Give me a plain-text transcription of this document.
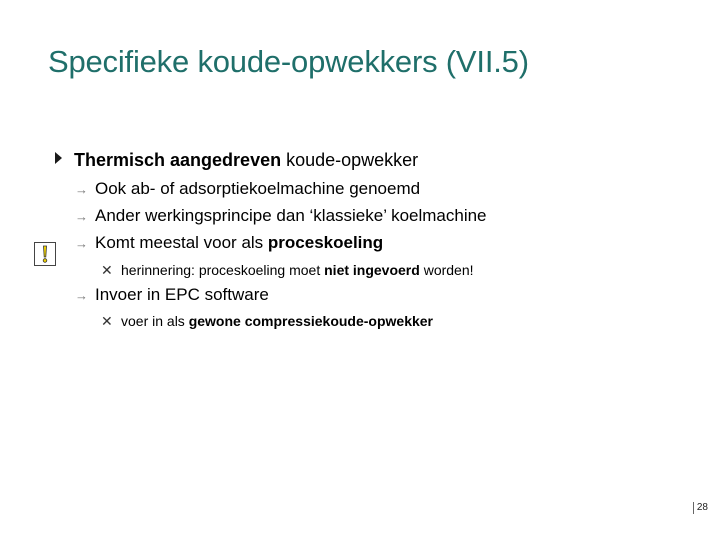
Specifieke koude-opwekkers (VII.5)
Thermisch aangedreven koude-opwekker
→ Ook ab- of adsorptiekoelmachine genoemd
→ Ander werkingsprincipe dan ‘klassieke’ koelmachine
→ Komt meestal voor als proceskoeling
✕ herinnering: proceskoeling moet niet ingevoerd worden!
→ Invoer in EPC software
✕ voer in als gewone compressiekoude-opwekker
28
